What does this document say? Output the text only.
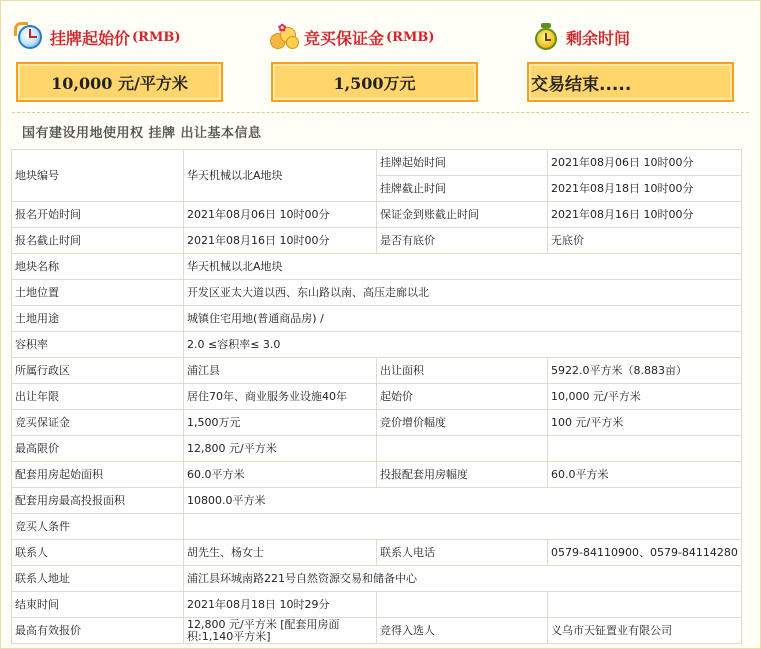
挂牌起始价 (RMB)
10,000 元/平方米
✿ 竞买保证金 (RMB)
1,500万元
剩余时间
交易结束.....
国有建设用地使用权 挂牌 出让基本信息
地块编号	华天机械以北A地块	挂牌起始时间	2021年08月06日 10时00分
		挂牌截止时间	2021年08月18日 10时00分
报名开始时间	2021年08月06日 10时00分	保证金到账截止时间	2021年08月16日 10时00分
报名截止时间	2021年08月16日 10时00分	是否有底价	无底价
地块名称	华天机械以北A地块		
土地位置	开发区亚太大道以西、东山路以南、高压走廊以北		
土地用途	城镇住宅用地(普通商品房) /		
容积率	2.0 ≤容积率≤ 3.0		
所属行政区	浦江县	出让面积	5922.0平方米（8.883亩）
出让年限	居住70年、商业服务业设施40年	起始价	10,000 元/平方米
竞买保证金	1,500万元	竞价增价幅度	100 元/平方米
最高限价	12,800 元/平方米		
配套用房起始面积	60.0平方米	投报配套用房幅度	60.0平方米
配套用房最高投报面积	10800.0平方米		
竞买人条件			
联系人	胡先生、杨女士	联系人电话	0579-84110900、0579-84114280
联系人地址	浦江县环城南路221号自然资源交易和储备中心		
结束时间	2021年08月18日 10时29分		
最高有效报价	12,800 元/平方米 [配套用房面积:1,140平方米]	竞得入选人	义乌市天钲置业有限公司
